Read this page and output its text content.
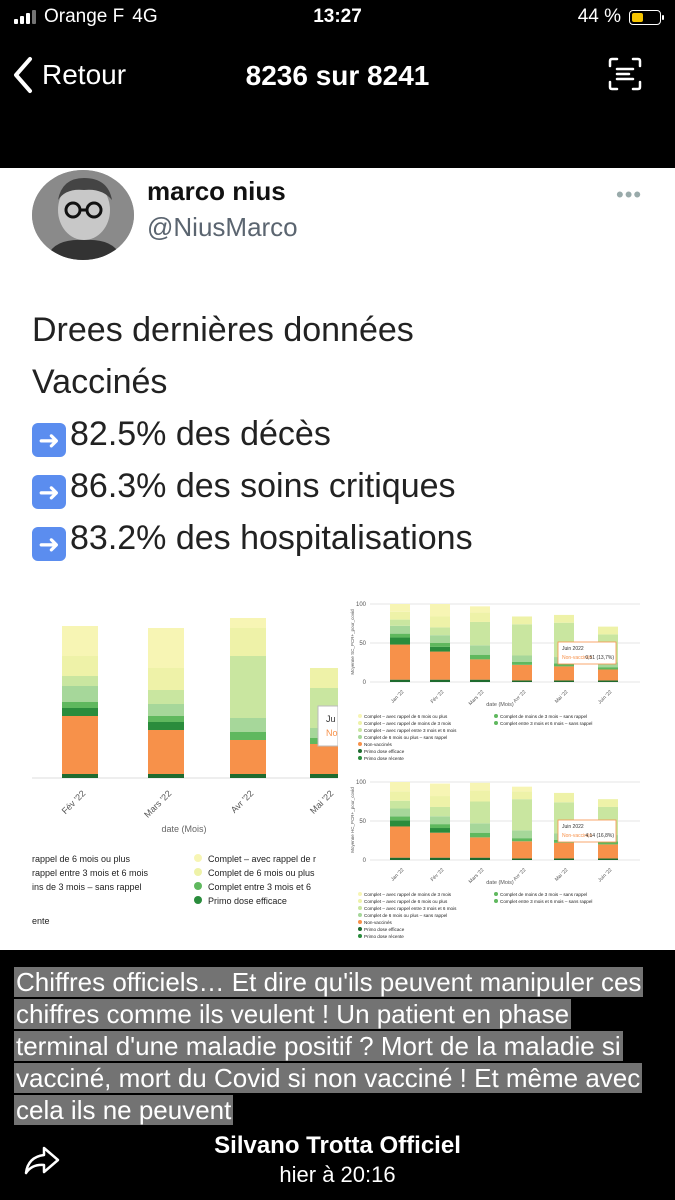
Orange F 4G	13:27	44 %
Retour	8236 sur 8241
marco nius
@NiusMarco
•••
Drees dernières données
Vaccinés
➜ 82.5% des décès
➜ 86.3% des soins critiques
➜ 83.2% des hospitalisations
Ju
No
Fév '22	Mars '22	Avr '22	Mai '22
date (Mois)
rappel de 6 mois ou plus
rappel entre 3 mois et 6 mois
ins de 3 mois – sans rappel
ente
Complet – avec rappel de r
Complet de 6 mois ou plus
Complet entre 3 mois et 6
Primo dose efficace
100
50
0
Moyenne SC_PCR+_pour_covid
Jan '22	Fév '22	Mars '22	Avr '22	Mai '22	Juin '22
date (Mois)
Juin 2022
Non-vaccinés
0,51 (13,7%)
Complet – avec rappel de 6 mois ou plus
Complet – avec rappel de moins de 3 mois
Complet – avec rappel entre 3 mois et 6 mois
Complet de 6 mois ou plus – sans rappel
Complet de moins de 3 mois – sans rappel
Complet entre 3 mois et 6 mois – sans rappel
Non-vaccinés
Primo dose efficace
Primo dose récente
100
50
0
Moyenne HC_PCR+_pour_covid
Jan '22	Fév '22	Mars '22	Avr '22	Mai '22	Juin '22
date (Mois)
Juin 2022
Non-vaccinés
4,14 (16,8%)
Complet – avec rappel de moins de 3 mois
Complet – avec rappel de 6 mois ou plus
Complet – avec rappel entre 3 mois et 6 mois
Complet de 6 mois ou plus – sans rappel
Complet de moins de 3 mois – sans rappel
Complet entre 3 mois et 6 mois – sans rappel
Non-vaccinés
Primo dose efficace
Primo dose récente
Chiffres officiels… Et dire qu'ils peuvent manipuler ces chiffres comme ils veulent ! Un patient en phase terminal d'une maladie positif ? Mort de la maladie si vacciné, mort du Covid si non vacciné ! Et même avec cela ils ne peuvent
Silvano Trotta Officiel
hier à 20:16
